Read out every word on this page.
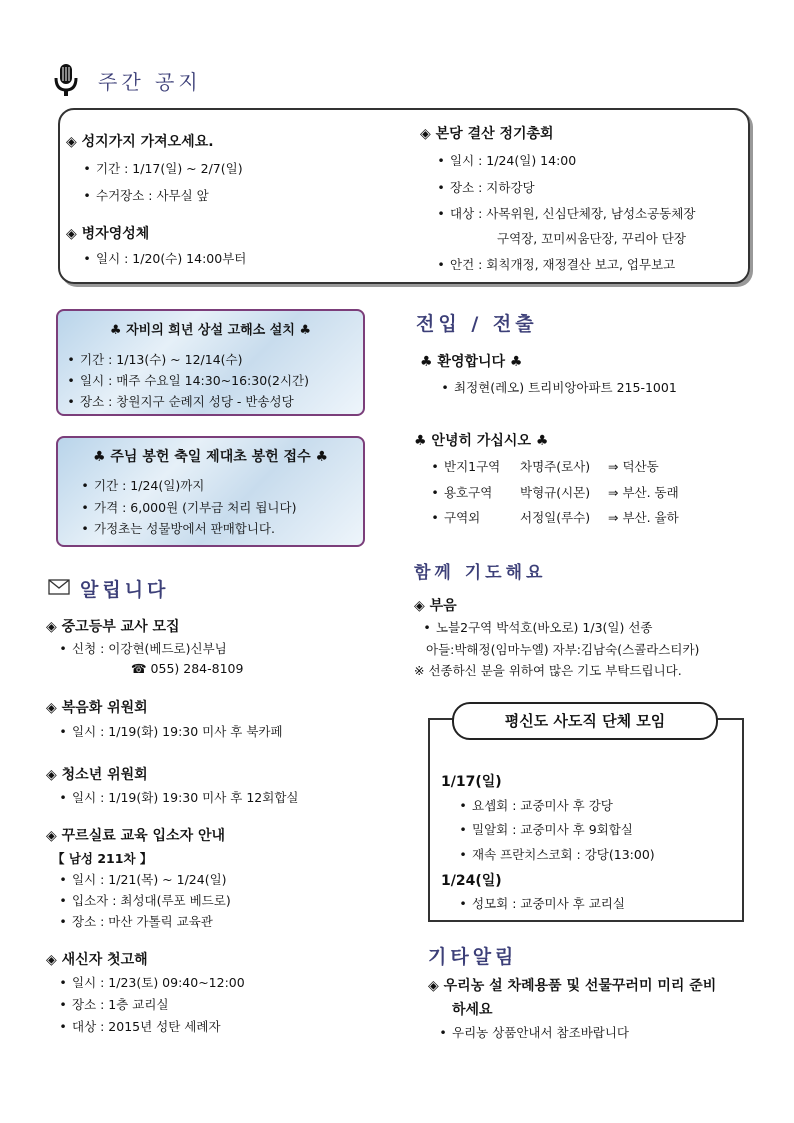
주간 공지
◈ 성지가지 가져오세요.
• 기간 : 1/17(일) ~ 2/7(일)
• 수거장소 : 사무실 앞
◈ 병자영성체
• 일시 : 1/20(수) 14:00부터
◈ 본당 결산 정기총회
• 일시 : 1/24(일) 14:00
• 장소 : 지하강당
• 대상 : 사목위원, 신심단체장, 남성소공동체장
구역장, 꼬미씨움단장, 꾸리아 단장
• 안건 : 회칙개정, 재정결산 보고, 업무보고
♣ 자비의 희년 상설 고해소 설치 ♣
• 기간 : 1/13(수) ~ 12/14(수)
• 일시 : 매주 수요일 14:30~16:30(2시간)
• 장소 : 창원지구 순례지 성당 - 반송성당
♣ 주님 봉헌 축일 제대초 봉헌 접수 ♣
• 기간 : 1/24(일)까지
• 가격 : 6,000원 (기부금 처리 됩니다)
• 가정초는 성물방에서 판매합니다.
알립니다
◈ 중고등부 교사 모집
• 신청 : 이강현(베드로)신부님
☎ 055) 284-8109
◈ 복음화 위원회
• 일시 : 1/19(화) 19:30 미사 후 북카페
◈ 청소년 위원회
• 일시 : 1/19(화) 19:30 미사 후 12회합실
◈ 꾸르실료 교육 입소자 안내
【 남성 211차 】
• 일시 : 1/21(목) ~ 1/24(일)
• 입소자 : 최성대(루포 베드로)
• 장소 : 마산 가톨릭 교육관
◈ 새신자 첫고해
• 일시 : 1/23(토) 09:40~12:00
• 장소 : 1층 교리실
• 대상 : 2015년 성탄 세례자
전입 / 전출
♣ 환영합니다 ♣
• 최정현(레오) 트리비앙아파트 215-1001
♣ 안녕히 가십시오 ♣
• 반지1구역 차명주(로사) ⇒ 덕산동
• 용호구역 박형규(시몬) ⇒ 부산. 동래
• 구역외	서정일(루수) ⇒ 부산. 율하
함께 기도해요
◈ 부음
• 노블2구역 박석호(바오로) 1/3(일) 선종
아들:박해정(임마누엘) 자부:김남숙(스콜라스티카)
※ 선종하신 분을 위하여 많은 기도 부탁드립니다.
평신도 사도직 단체 모임
1/17(일)
• 요셉회 : 교중미사 후 강당
• 밀알회 : 교중미사 후 9회합실
• 재속 프란치스코회 : 강당(13:00)
1/24(일)
• 성모회 : 교중미사 후 교리실
기타알림
◈ 우리농 설 차례용품 및 선물꾸러미 미리 준비
하세요
• 우리농 상품안내서 참조바랍니다
